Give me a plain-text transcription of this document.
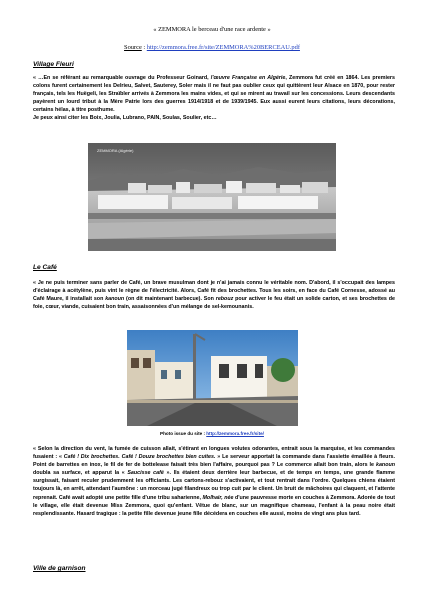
« ZEMMORA le berceau d'une race ardente »
Source : http://zemmora.free.fr/site/ZEMMORA%20BERCEAU.pdf
Village Fleuri
« …En se référant au remarquable ouvrage du Professeur Goinard, l'œuvre Française en Algérie, Zemmora fut créé en 1864. Les premiers colons furent certainement les Delrieu, Salvet, Sauterey, Soler mais il ne faut pas oublier ceux qui quittèrent leur Alsace en 1870, pour rester français, tels les Huëgeli, les Straïbler arrivés à Zemmora les mains vides, et qui se mirent au travail sur les concessions. Leurs descendants payèrent un lourd tribut à la Mère Patrie lors des guerres 1914/1918 et de 1939/1945. Eux aussi eurent leurs citations, leurs décorations, certains hélas, à titre posthume.
Je peux ainsi citer les Boix, Joulia, Lubrano, PAIN, Soulas, Soulier, etc…
ZEMMORA (Algérie)
Le Café
« Je ne puis terminer sans parler de Café, un brave musulman dont je n'ai jamais connu le véritable nom. D'abord, il s'occupait des lampes d'éclairage à acétylène, puis vint le règne de l'électricité. Alors, Café fit des brochettes. Tous les soirs, en face du Café Cornesse, adossé au Café Maure, il installait son kanoun (on dit maintenant barbecue). Son rebouz pour activer le feu était un solide carton, et ses brochettes de foie, cœur, viande, cuisaient bon train, assaisonnées d'un mélange de sel-kemounanis.
Photo issue du site : http://zemmora.free.fr/site/
« Selon la direction du vent, la fumée de cuisson allait, s'étirant en longues volutes odorantes, entrait sous la marquise, et les commandes fusaient : « Café ! Dix brochettes. Café ! Douze brochettes bien cuites. » Le serveur apportait la commande dans l'assiette émaillée à fleurs. Point de barrettes en inox, le fil de fer de bottelease faisait très bien l'affaire, pourquoi pas ? Le commerce allait bon train, alors le kanoun doubla sa surface, et apparut la « Saucisse café ». Ils étaient deux derrière leur barbecue, et de temps en temps, une grande flamme surgissait, faisant reculer prudemment les officiants. Les cartons-rebouz s'activaient, et tout rentrait dans l'ordre. Quelques chiens étaient toujours là, en arrêt, attendant l'aumône : un morceau jugé filandreux ou trop cuit par le client. Un bruit de mâchoires qui claquent, et l'attente reprenait. Café avait adopté une petite fille d'une tribu saharienne, Molhair, née d'une pauvresse morte en couches à Zemmora. Adorée de tout le village, elle était devenue Miss Zemmora, quoi qu'enfant. Vêtue de blanc, sur un magnifique chameau, l'enfant à la peau noire était resplendissante. Hasard tragique : la petite fille devenue jeune fille décédera en couches elle aussi, moins de vingt ans plus tard.
Ville de garnison
